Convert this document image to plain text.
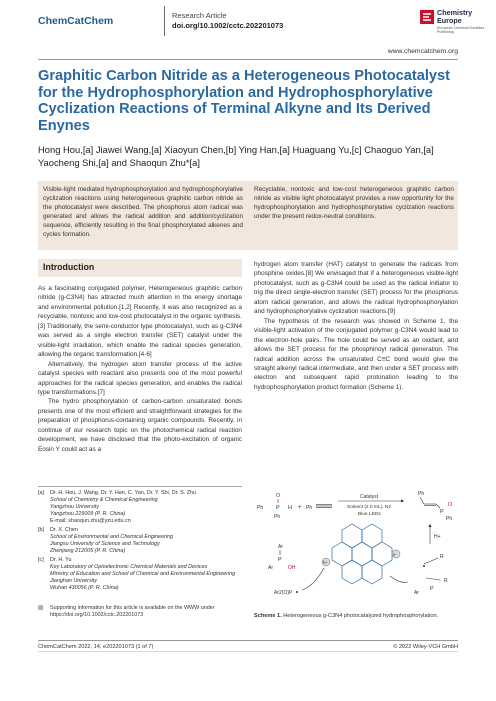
ChemCatChem	Research Article
doi.org/10.1002/cctc.202201073
Chemistry
Europe
European Chemical Societies Publishing
www.chemcatchem.org
Graphitic Carbon Nitride as a Heterogeneous Photocatalyst for the Hydrophosphorylation and Hydrophosphorylative Cyclization Reactions of Terminal Alkyne and Its Derived Enynes
Hong Hou,[a] Jiawei Wang,[a] Xiaoyun Chen,[b] Ying Han,[a] Huaguang Yu,[c] Chaoguo Yan,[a] Yaocheng Shi,[a] and Shaoqun Zhu*[a]
Visible-light mediated hydrophosphorylation and hydrophosphorylative cyclization reactions using heterogeneous graphitic carbon nitride as the photocatalyst were described. The phosphorus atom radical was generated and allows the radical addition and addition/cyclization sequence, efficiently resulting in the final phosphorylated alkenes and cycles formation.
Recyclable, nontoxic and low-cost heterogeneous graphitic carbon nitride as visible light photocatalyst provides a new opportunity for the hydrophosphorylation and hydrophosphorylative cyclization reactions under the present redox-neutral conditions.
Introduction

As a fascinating conjugated polymer, Heterogeneous graphitic carbon nitride (g-C3N4) has attracted much attention in the energy shortage and environmental pollution.[1,2] Recently, it was also recognized as a recyclable, nontoxic and low-cost photocatalyst in the organic synthesis.[3] Traditionally, the semi-conductor type photocatalyst, such as g-C3N4 was served as a single electron transfer (SET) catalyst under the visible-light irradiation, which enable the radical species generation, allowing the organic transformation.[4-6]

Alternatively, the hydrogen atom transfer process of the active catalyst species with reactant also presents one of the most powerful approaches for the radical species generation, and enables the radical type transformations.[7]

The hydro phosphorylation of carbon-carbon unsaturated bonds presents one of the most efficient and straightforward strategies for the preparation of phosphorus-containing organic compounds. Recently, in continue of our research topic on the photochemical radical reaction development, we have disclosed that the photo-excitation of organic Eosin Y could act as a

hydrogen atom transfer (HAT) catalyst to generate the radicals from phosphine oxides.[8] We envisaged that if a heterogeneous visible-light photocatalyst, such as g-C3N4 could be used as the radical initiator to trig the direct single-electron transfer (SET) process for the phosphorus atom radical generation, and allows the radical hydrophosphorylation and hydrophosphorylative cyclization reactions.[9]

The hypothesis of the research was showed in Scheme 1, the visible-light activation of the conjugated polymer g-C3N4 would lead to the electron-hole pairs. The hole could be served as an oxidant, and allows the SET process for the phosphinoyl radical generation. The radical addition across the unsaturated C≡C bond would give the straight alkenyl radical intermediate, and then under a SET process with electron and subsequent rapid protonation leading to the hydrophosphorylation product formation (Scheme 1).

[a] Dr. H. Hou, J. Wang, Dr. Y. Han, C. Yan, Dr. Y. Shi, Dr. S. Zhu
School of Chemistry & Chemical Engineering
Yangzhou University
Yangzhou 225009 (P. R. China)
E-mail: shaoqun.zhu@yzu.edu.cn
[b] Dr. X. Chen
School of Environmental and Chemical Engineering
Jiangsu University of Science and Technology
Zhenjiang 212005 (P. R. China)
[c] Dr. H. Yu
Key Laboratory of Optoelectronic Chemical Materials and Devices
Ministry of Education and School of Chemical and Environmental Engineering
Jianghan University
Wuhan 430056 (P. R. China)
▧ Supporting information for this article is available on the WWW under https://doi.org/10.1002/cctc.202201073
O
Ph P H
Ph
+ Ph
Catalyst
Solvent (2.0 mL), N2
Blue LEDs
Ph
P
O
Ph
H+
e-
h+
Ar
P
Ar	OH
Ar2(O)P
R
Ar
R
P
Scheme 1. Heterogeneous g-C3N4 photocatalyzed hydrophosphorylation.
ChemCatChem 2022, 14, e202201073 (1 of 7)	© 2022 Wiley-VCH GmbH
